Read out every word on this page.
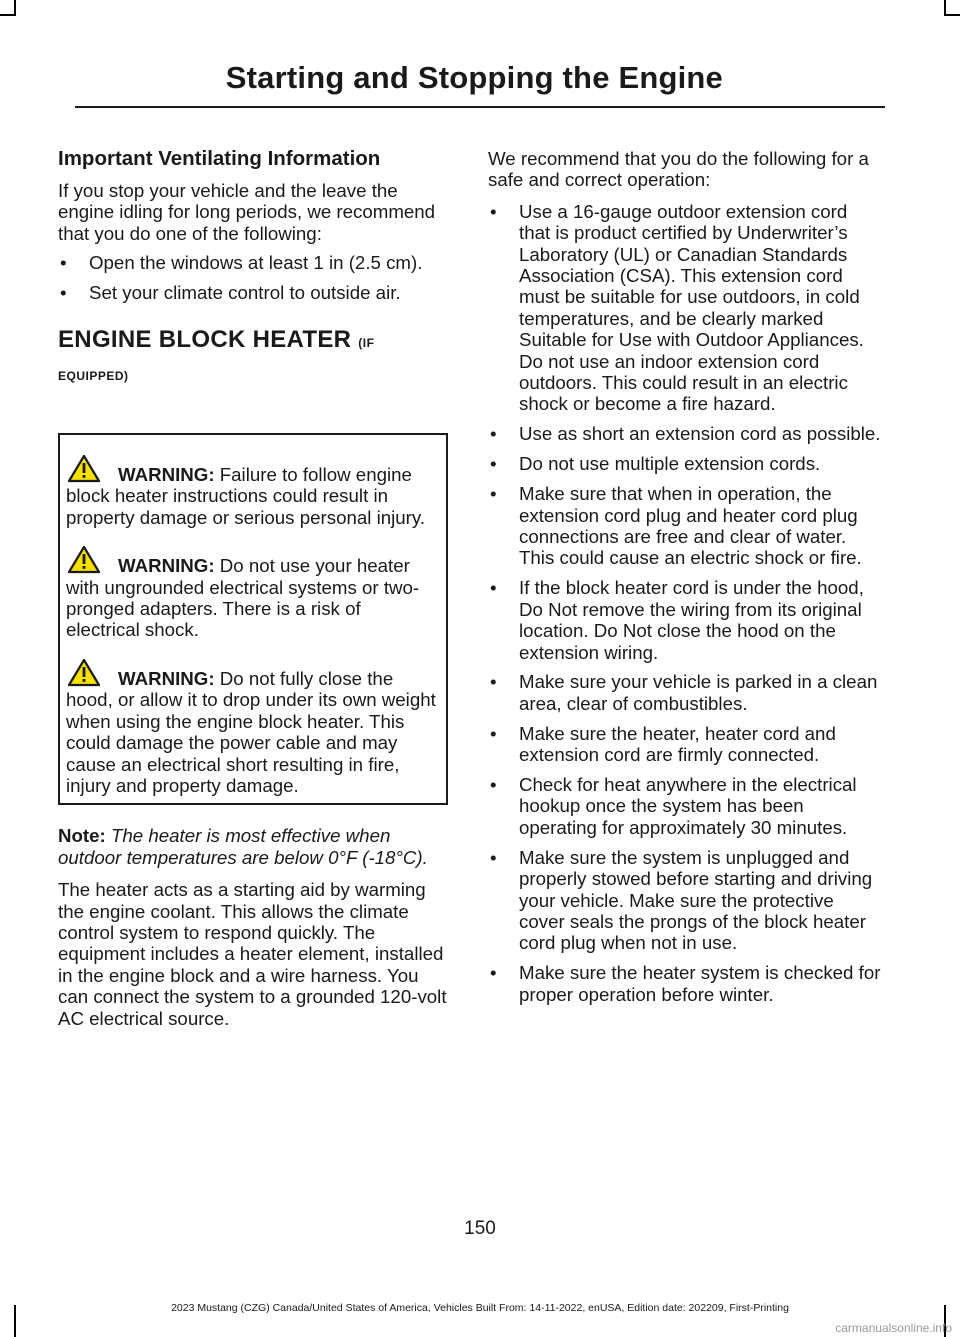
Starting and Stopping the Engine
Important Ventilating Information

If you stop your vehicle and the leave the engine idling for long periods, we recommend that you do one of the following:

• Open the windows at least 1 in (2.5 cm).
• Set your climate control to outside air.
ENGINE BLOCK HEATER (IF EQUIPPED)

WARNING: Failure to follow engine block heater instructions could result in property damage or serious personal injury.

WARNING: Do not use your heater with ungrounded electrical systems or two-pronged adapters. There is a risk of electrical shock.

WARNING: Do not fully close the hood, or allow it to drop under its own weight when using the engine block heater. This could damage the power cable and may cause an electrical short resulting in fire, injury and property damage.

Note: The heater is most effective when outdoor temperatures are below 0°F (-18°C).

The heater acts as a starting aid by warming the engine coolant. This allows the climate control system to respond quickly. The equipment includes a heater element, installed in the engine block and a wire harness. You can connect the system to a grounded 120-volt AC electrical source.

We recommend that you do the following for a safe and correct operation:

• Use a 16-gauge outdoor extension cord that is product certified by Underwriter’s Laboratory (UL) or Canadian Standards Association (CSA). This extension cord must be suitable for use outdoors, in cold temperatures, and be clearly marked Suitable for Use with Outdoor Appliances. Do not use an indoor extension cord outdoors. This could result in an electric shock or become a fire hazard.
• Use as short an extension cord as possible.
• Do not use multiple extension cords.
• Make sure that when in operation, the extension cord plug and heater cord plug connections are free and clear of water. This could cause an electric shock or fire.
• If the block heater cord is under the hood, Do Not remove the wiring from its original location. Do Not close the hood on the extension wiring.
• Make sure your vehicle is parked in a clean area, clear of combustibles.
• Make sure the heater, heater cord and extension cord are firmly connected.
• Check for heat anywhere in the electrical hookup once the system has been operating for approximately 30 minutes.
• Make sure the system is unplugged and properly stowed before starting and driving your vehicle. Make sure the protective cover seals the prongs of the block heater cord plug when not in use.
• Make sure the heater system is checked for proper operation before winter.
150
2023 Mustang (CZG) Canada/United States of America, Vehicles Built From: 14-11-2022, enUSA, Edition date: 202209, First-Printing
carmanualsonline.info
